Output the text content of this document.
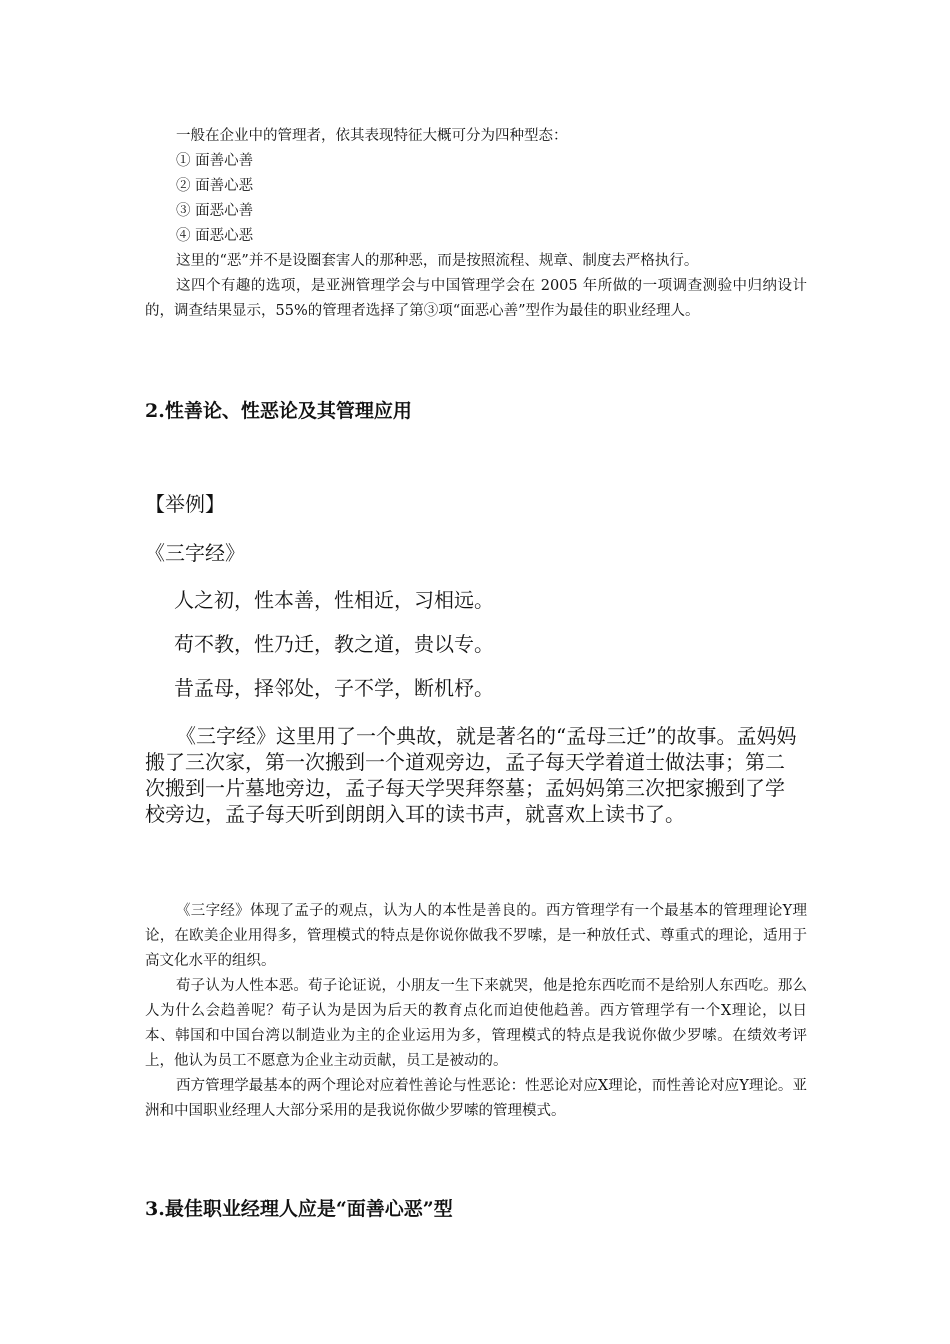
一般在企业中的管理者，依其表现特征大概可分为四种型态：

① 面善心善

② 面善心恶

③ 面恶心善

④ 面恶心恶

这里的“恶”并不是设圈套害人的那种恶，而是按照流程、规章、制度去严格执行。

这四个有趣的选项，是亚洲管理学会与中国管理学会在 2005 年所做的一项调查测验中归纳设计的，调查结果显示，55%的管理者选择了第③项“面恶心善”型作为最佳的职业经理人。

2.性善论、性恶论及其管理应用

【举例】

《三字经》

人之初，性本善，性相近，习相远。

苟不教，性乃迁，教之道，贵以专。

昔孟母，择邻处，子不学，断机杼。

《三字经》这里用了一个典故，就是著名的“孟母三迁”的故事。孟妈妈搬了三次家，第一次搬到一个道观旁边，孟子每天学着道士做法事；第二次搬到一片墓地旁边，孟子每天学哭拜祭墓；孟妈妈第三次把家搬到了学校旁边，孟子每天听到朗朗入耳的读书声，就喜欢上读书了。

《三字经》体现了孟子的观点，认为人的本性是善良的。西方管理学有一个最基本的管理理论Y理论，在欧美企业用得多，管理模式的特点是你说你做我不罗嗦，是一种放任式、尊重式的理论，适用于高文化水平的组织。

荀子认为人性本恶。荀子论证说，小朋友一生下来就哭，他是抢东西吃而不是给别人东西吃。那么人为什么会趋善呢？荀子认为是因为后天的教育点化而迫使他趋善。西方管理学有一个X理论，以日本、韩国和中国台湾以制造业为主的企业运用为多，管理模式的特点是我说你做少罗嗦。在绩效考评上，他认为员工不愿意为企业主动贡献，员工是被动的。

西方管理学最基本的两个理论对应着性善论与性恶论：性恶论对应X理论，而性善论对应Y理论。亚洲和中国职业经理人大部分采用的是我说你做少罗嗦的管理模式。

3.最佳职业经理人应是“面善心恶”型
